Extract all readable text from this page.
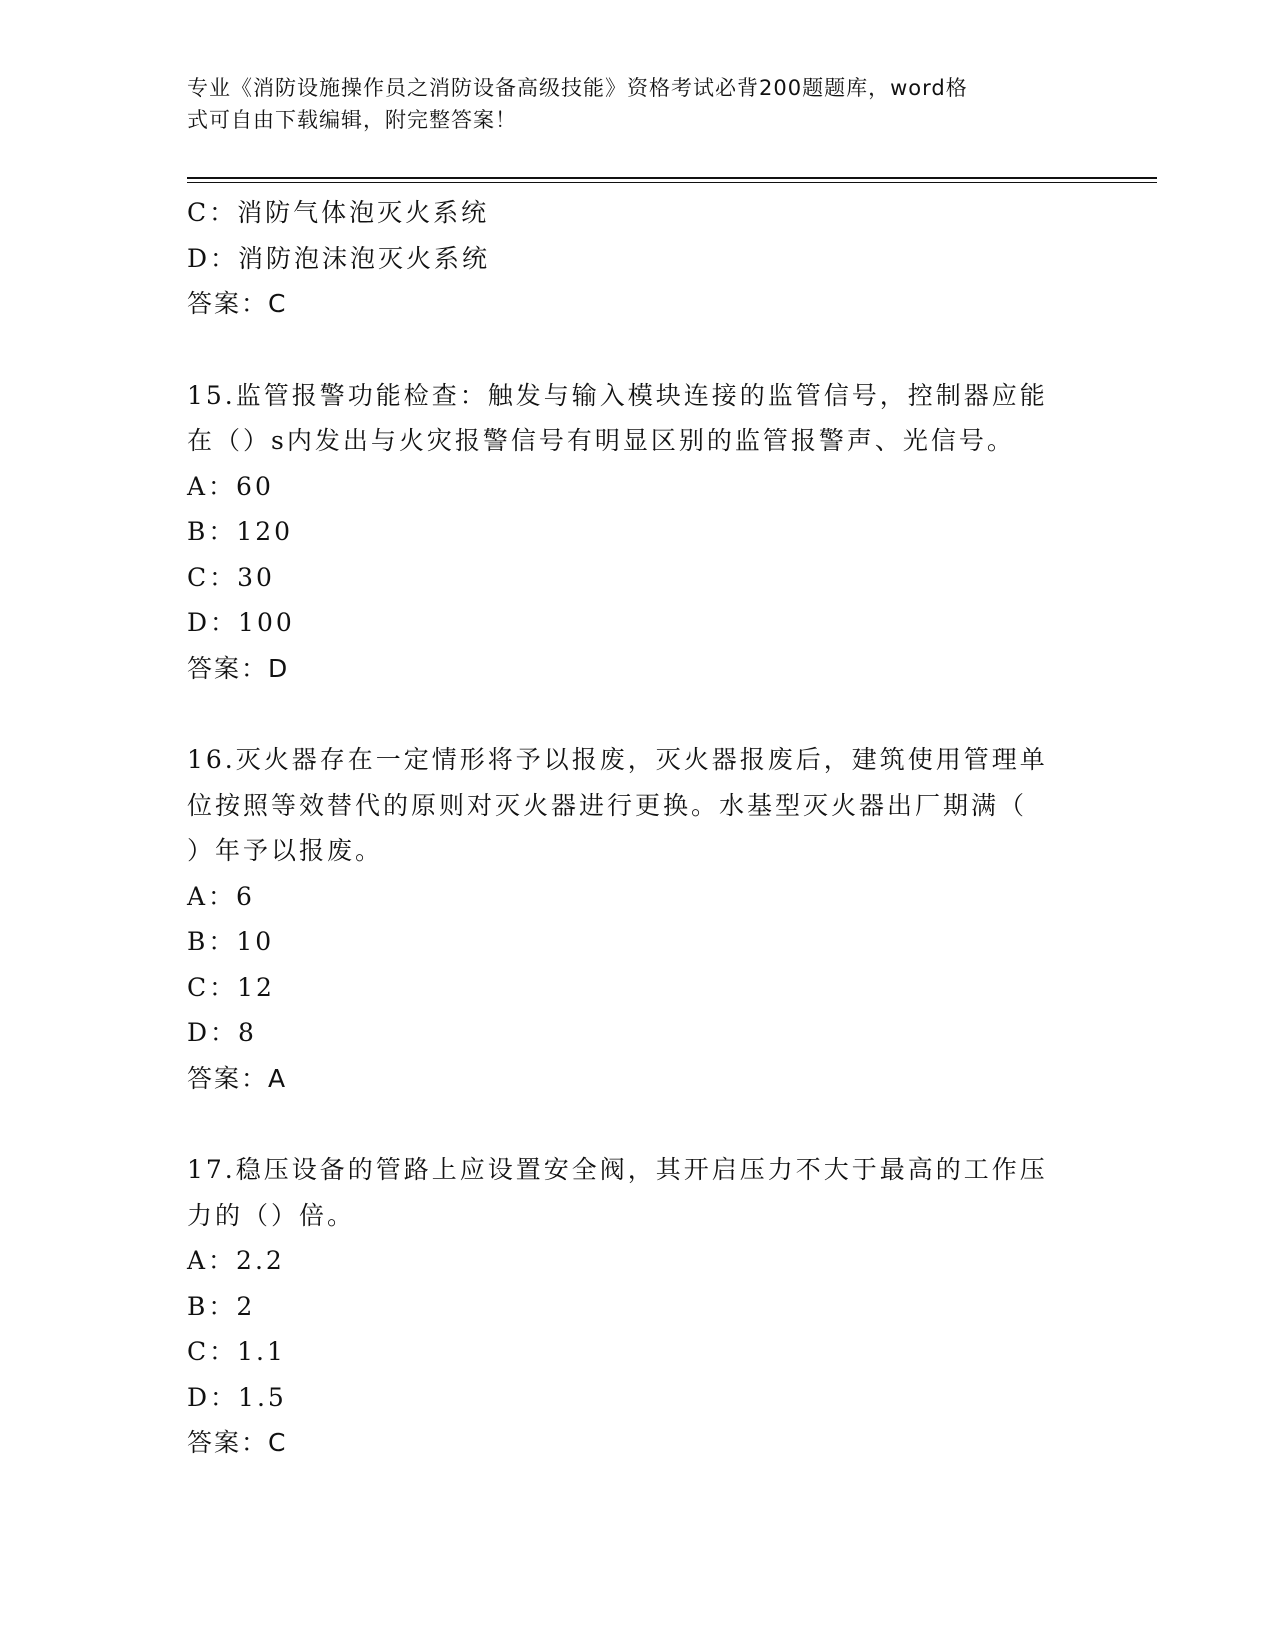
专业《消防设施操作员之消防设备高级技能》资格考试必背200题题库，word格
式可自由下载编辑，附完整答案！
C：消防气体泡灭火系统
D：消防泡沫泡灭火系统
答案：C
15.监管报警功能检查：触发与输入模块连接的监管信号，控制器应能
在（）s内发出与火灾报警信号有明显区别的监管报警声、光信号。
A：60
B：120
C：30
D：100
答案：D
16.灭火器存在一定情形将予以报废，灭火器报废后，建筑使用管理单
位按照等效替代的原则对灭火器进行更换。水基型灭火器出厂期满（
）年予以报废。
A：6
B：10
C：12
D：8
答案：A
17.稳压设备的管路上应设置安全阀，其开启压力不大于最高的工作压
力的（）倍。
A：2.2
B：2
C：1.1
D：1.5
答案：C
